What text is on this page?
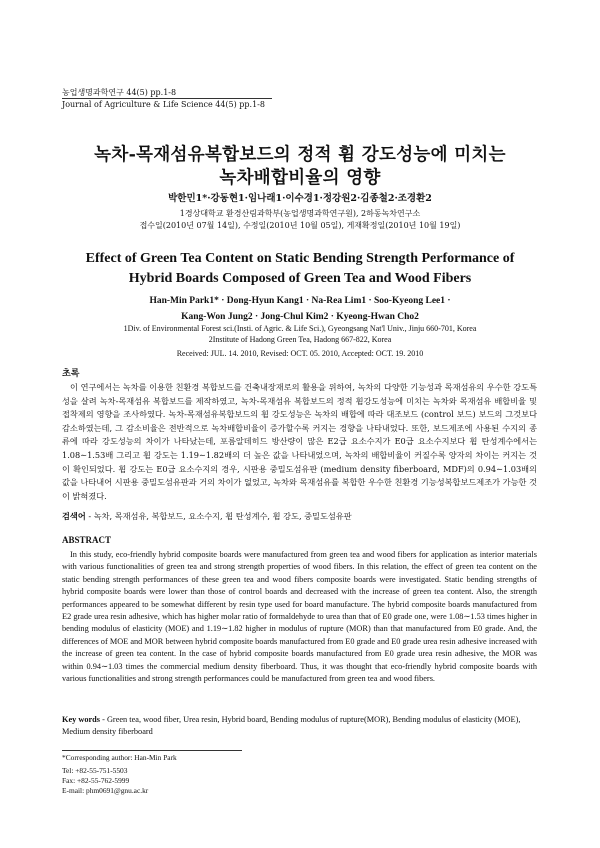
농업생명과학연구 44(5) pp.1-8
Journal of Agriculture & Life Science 44(5) pp.1-8
녹차-목재섬유복합보드의 정적 휨 강도성능에 미치는
녹차배합비율의 영향
박한민1*·강동현1·임나래1·이수경1·정강원2·김종철2·조경환2
1경상대학교 환경산림과학부(농업생명과학연구원), 2하동녹차연구소
접수일(2010년 07월 14일), 수정일(2010년 10월 05일), 게재확정일(2010년 10월 19일)
Effect of Green Tea Content on Static Bending Strength Performance of
Hybrid Boards Composed of Green Tea and Wood Fibers
Han-Min Park1* · Dong-Hyun Kang1 · Na-Rea Lim1 · Soo-Kyeong Lee1 ·
Kang-Won Jung2 · Jong-Chul Kim2 · Kyeong-Hwan Cho2
1Div. of Environmental Forest sci.(Insti. of Agric. & Life Sci.), Gyeongsang Nat'l Univ., Jinju 660-701, Korea
2Institute of Hadong Green Tea, Hadong 667-822, Korea
Received: JUL. 14. 2010, Revised: OCT. 05. 2010, Accepted: OCT. 19. 2010
초록
이 연구에서는 녹차를 이용한 친환경 복합보드를 건축내장재로의 활용을 위하여, 녹차의 다양한 기능성과 목재섬유의 우수한 강도특성을 살려 녹차-목재섬유 복합보드를 제작하였고, 녹차-목재섬유 복합보드의 정적 휨강도성능에 미치는 녹차와 목재섬유 배합비율 및 접착제의 영향을 조사하였다. 녹차-목재섬유복합보드의 휨 강도성능은 녹차의 배합에 따라 대조보드 (control 보드) 보드의 그것보다 감소하였는데, 그 감소비율은 전반적으로 녹차배합비율이 증가할수록 커지는 경향을 나타내었다. 또한, 보드제조에 사용된 수지의 종류에 따라 강도성능의 차이가 나타났는데, 포름알데히드 방산량이 많은 E2급 요소수지가 E0급 요소수지보다 휨 탄성계수에서는 1.08∼1.53배 그리고 휨 강도는 1.19∼1.82배의 더 높은 값을 나타내었으며, 녹차의 배합비율이 커질수록 양자의 차이는 커지는 것이 확인되었다. 휨 강도는 E0급 요소수지의 경우, 시판용 중밀도섬유판 (medium density fiberboard, MDF)의 0.94∼1.03배의 값을 나타내어 시판용 중밀도섬유판과 거의 차이가 없었고, 녹차와 목재섬유를 복합한 우수한 친환경 기능성복합보드제조가 가능한 것이 밝혀졌다.
검색어 - 녹차, 목재섬유, 복합보드, 요소수지, 휨 탄성계수, 휨 강도, 중밀도섬유판
ABSTRACT
In this study, eco-friendly hybrid composite boards were manufactured from green tea and wood fibers for application as interior materials with various functionalities of green tea and strong strength properties of wood fibers. In this relation, the effect of green tea content on the static bending strength performances of these green tea and wood fibers composite boards were investigated. Static bending strengths of hybrid composite boards were lower than those of control boards and decreased with the increase of green tea content. Also, the strength performances appeared to be somewhat different by resin type used for board manufacture. The hybrid composite boards manufactured from E2 grade urea resin adhesive, which has higher molar ratio of formaldehyde to urea than that of E0 grade one, were 1.08∼1.53 times higher in bending modulus of elasticity (MOE) and 1.19∼1.82 higher in modulus of rupture (MOR) than that manufactured from E0 grade. And, the differences of MOE and MOR between hybrid composite boards manufactured from E0 grade and E0 grade urea resin adhesive increased with the increase of green tea content. In the case of hybrid composite boards manufactured from E0 grade urea resin adhesive, the MOR was within 0.94∼1.03 times the commercial medium density fiberboard. Thus, it was thought that eco-friendly hybrid composite boards with various functionalities and strong strength performances could be manufactured from green tea and wood fibers.
Key words - Green tea, wood fiber, Urea resin, Hybrid board, Bending modulus of rupture(MOR), Bending modulus of elasticity (MOE), Medium density fiberboard
*Corresponding author: Han-Min Park
Tel: +82-55-751-5503
Fax: +82-55-762-5999
E-mail: phm0691@gnu.ac.kr
